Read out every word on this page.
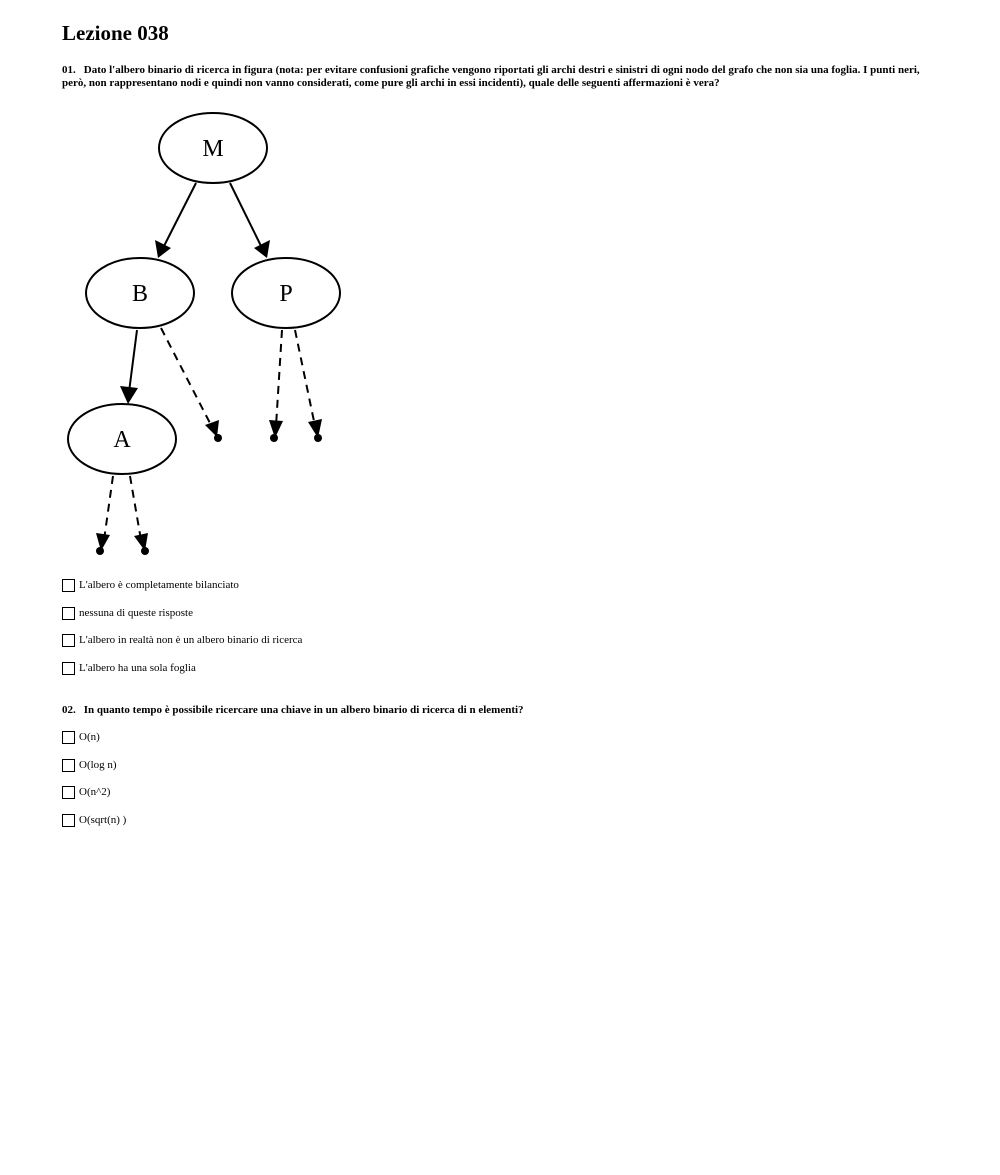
Lezione 038

01. Dato l'albero binario di ricerca in figura (nota: per evitare confusioni grafiche vengono riportati gli archi destri e sinistri di ogni nodo del grafo che non sia una foglia. I punti neri, però, non rappresentano nodi e quindi non vanno considerati, come pure gli archi in essi incidenti), quale delle seguenti affermazioni è vera?

M
B	P
A
L'albero è completamente bilanciato
nessuna di queste risposte
L'albero in realtà non è un albero binario di ricerca
L'albero ha una sola foglia

02. In quanto tempo è possibile ricercare una chiave in un albero binario di ricerca di n elementi?

O(n)
O(log n)
O(n^2)
O(sqrt(n) )
